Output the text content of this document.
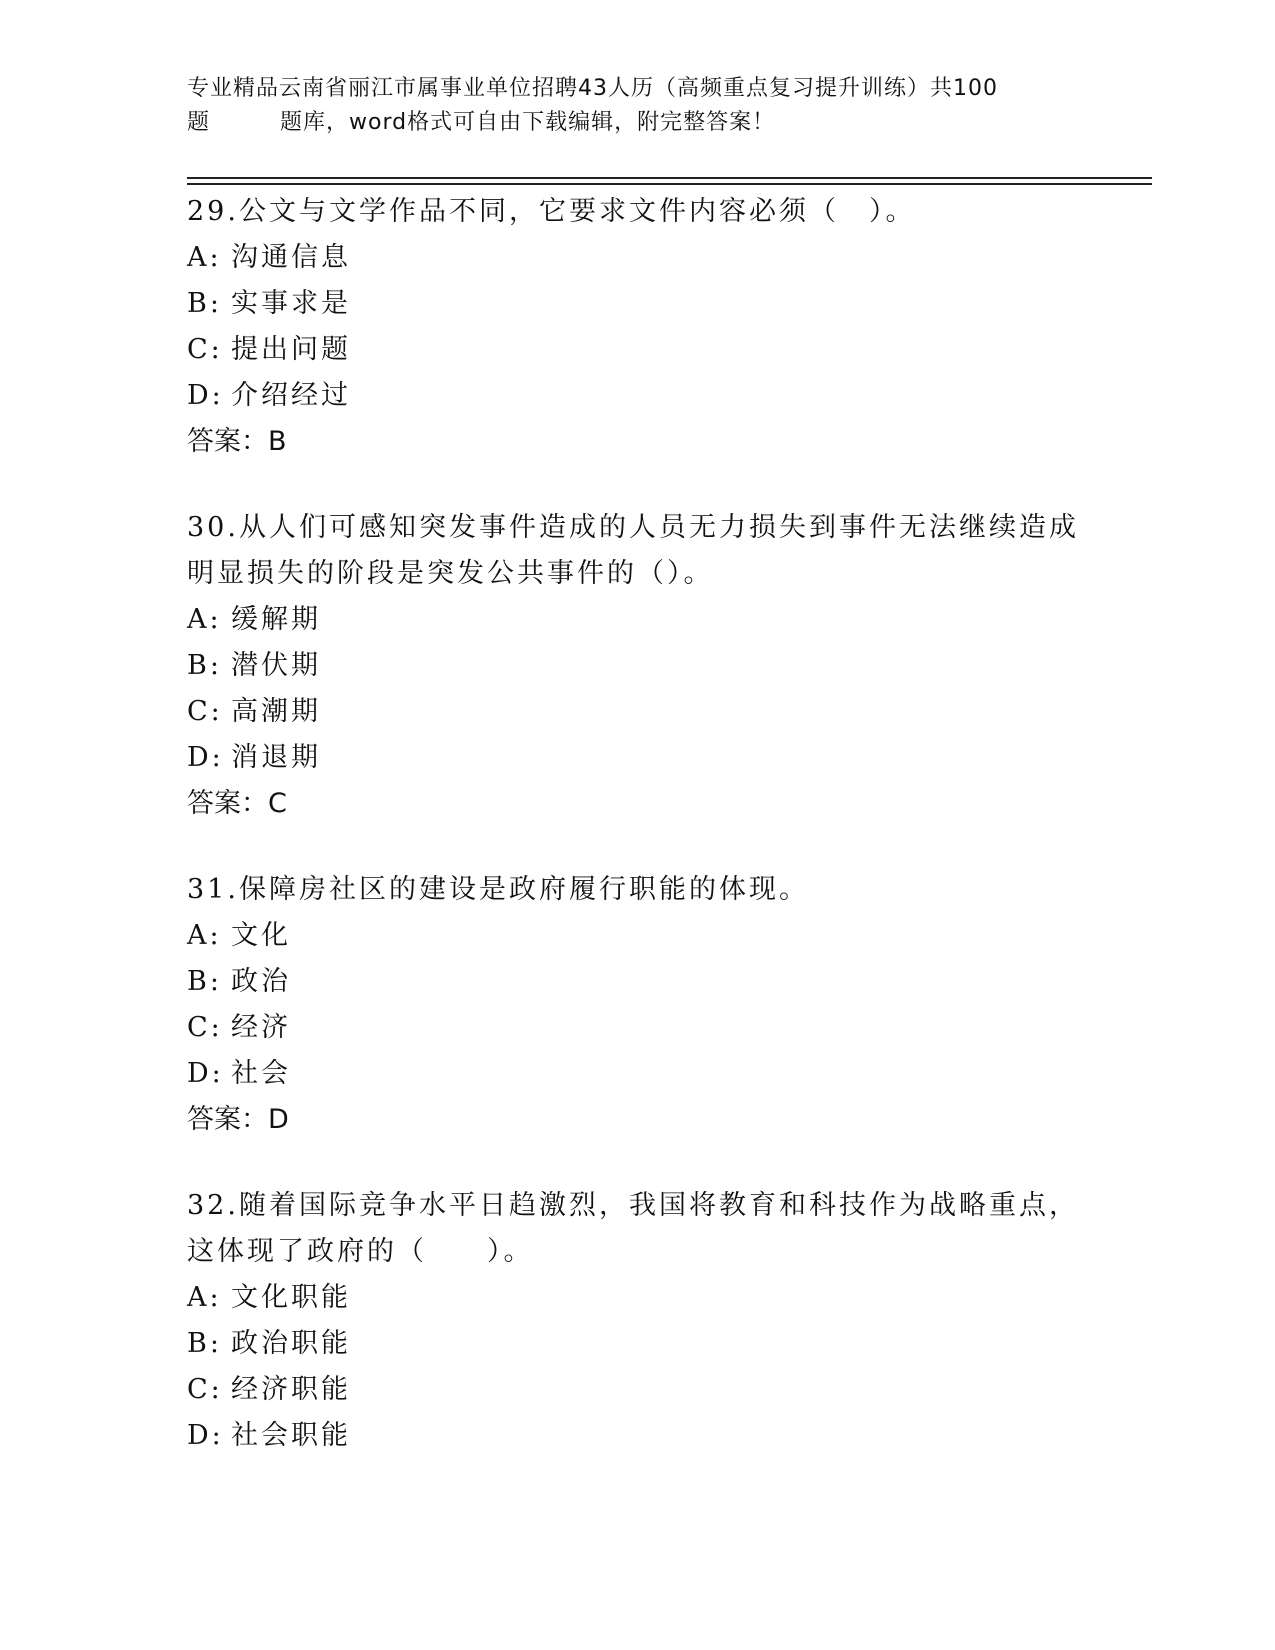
专业精品云南省丽江市属事业单位招聘43人历（高频重点复习提升训练）共100
题	题库，word格式可自由下载编辑，附完整答案！

29.公文与文学作品不同，它要求文件内容必须（　）。

A: 沟通信息

B: 实事求是

C: 提出问题

D: 介绍经过

答案：B

30.从人们可感知突发事件造成的人员无力损失到事件无法继续造成明显损失的阶段是突发公共事件的（）。

A: 缓解期

B: 潜伏期

C: 高潮期

D: 消退期

答案：C

31.保障房社区的建设是政府履行职能的体现。

A: 文化

B: 政治

C: 经济

D: 社会

答案：D

32.随着国际竞争水平日趋激烈，我国将教育和科技作为战略重点，这体现了政府的（　　）。

A: 文化职能

B: 政治职能

C: 经济职能

D: 社会职能
